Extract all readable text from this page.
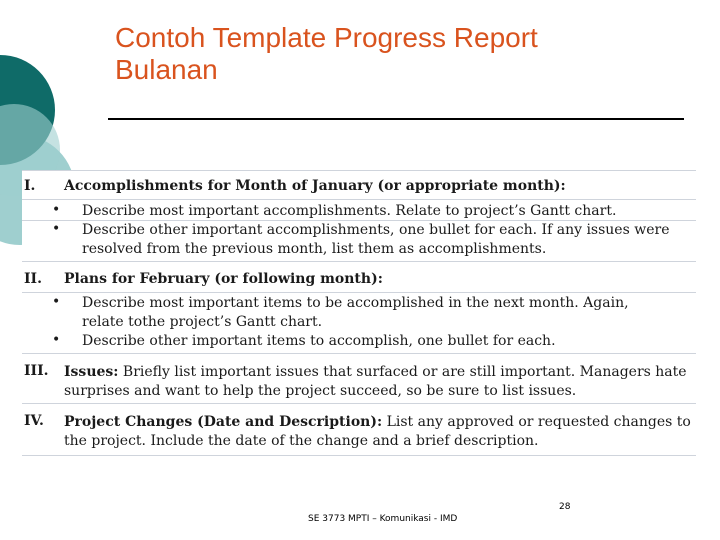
Contoh Template Progress Report
Bulanan
I. Accomplishments for Month of January (or appropriate month):
• Describe most important accomplishments. Relate to project’s Gantt chart.
• Describe other important accomplishments, one bullet for each. If any issues were resolved from the previous month, list them as accomplishments.
II. Plans for February (or following month):
• Describe most important items to be accomplished in the next month. Again, relate tothe project’s Gantt chart.
• Describe other important items to accomplish, one bullet for each.
III. Issues: Briefly list important issues that surfaced or are still important. Managers hate surprises and want to help the project succeed, so be sure to list issues.
IV. Project Changes (Date and Description): List any approved or requested changes to the project. Include the date of the change and a brief description.
28
SE 3773 MPTI – Komunikasi - IMD
